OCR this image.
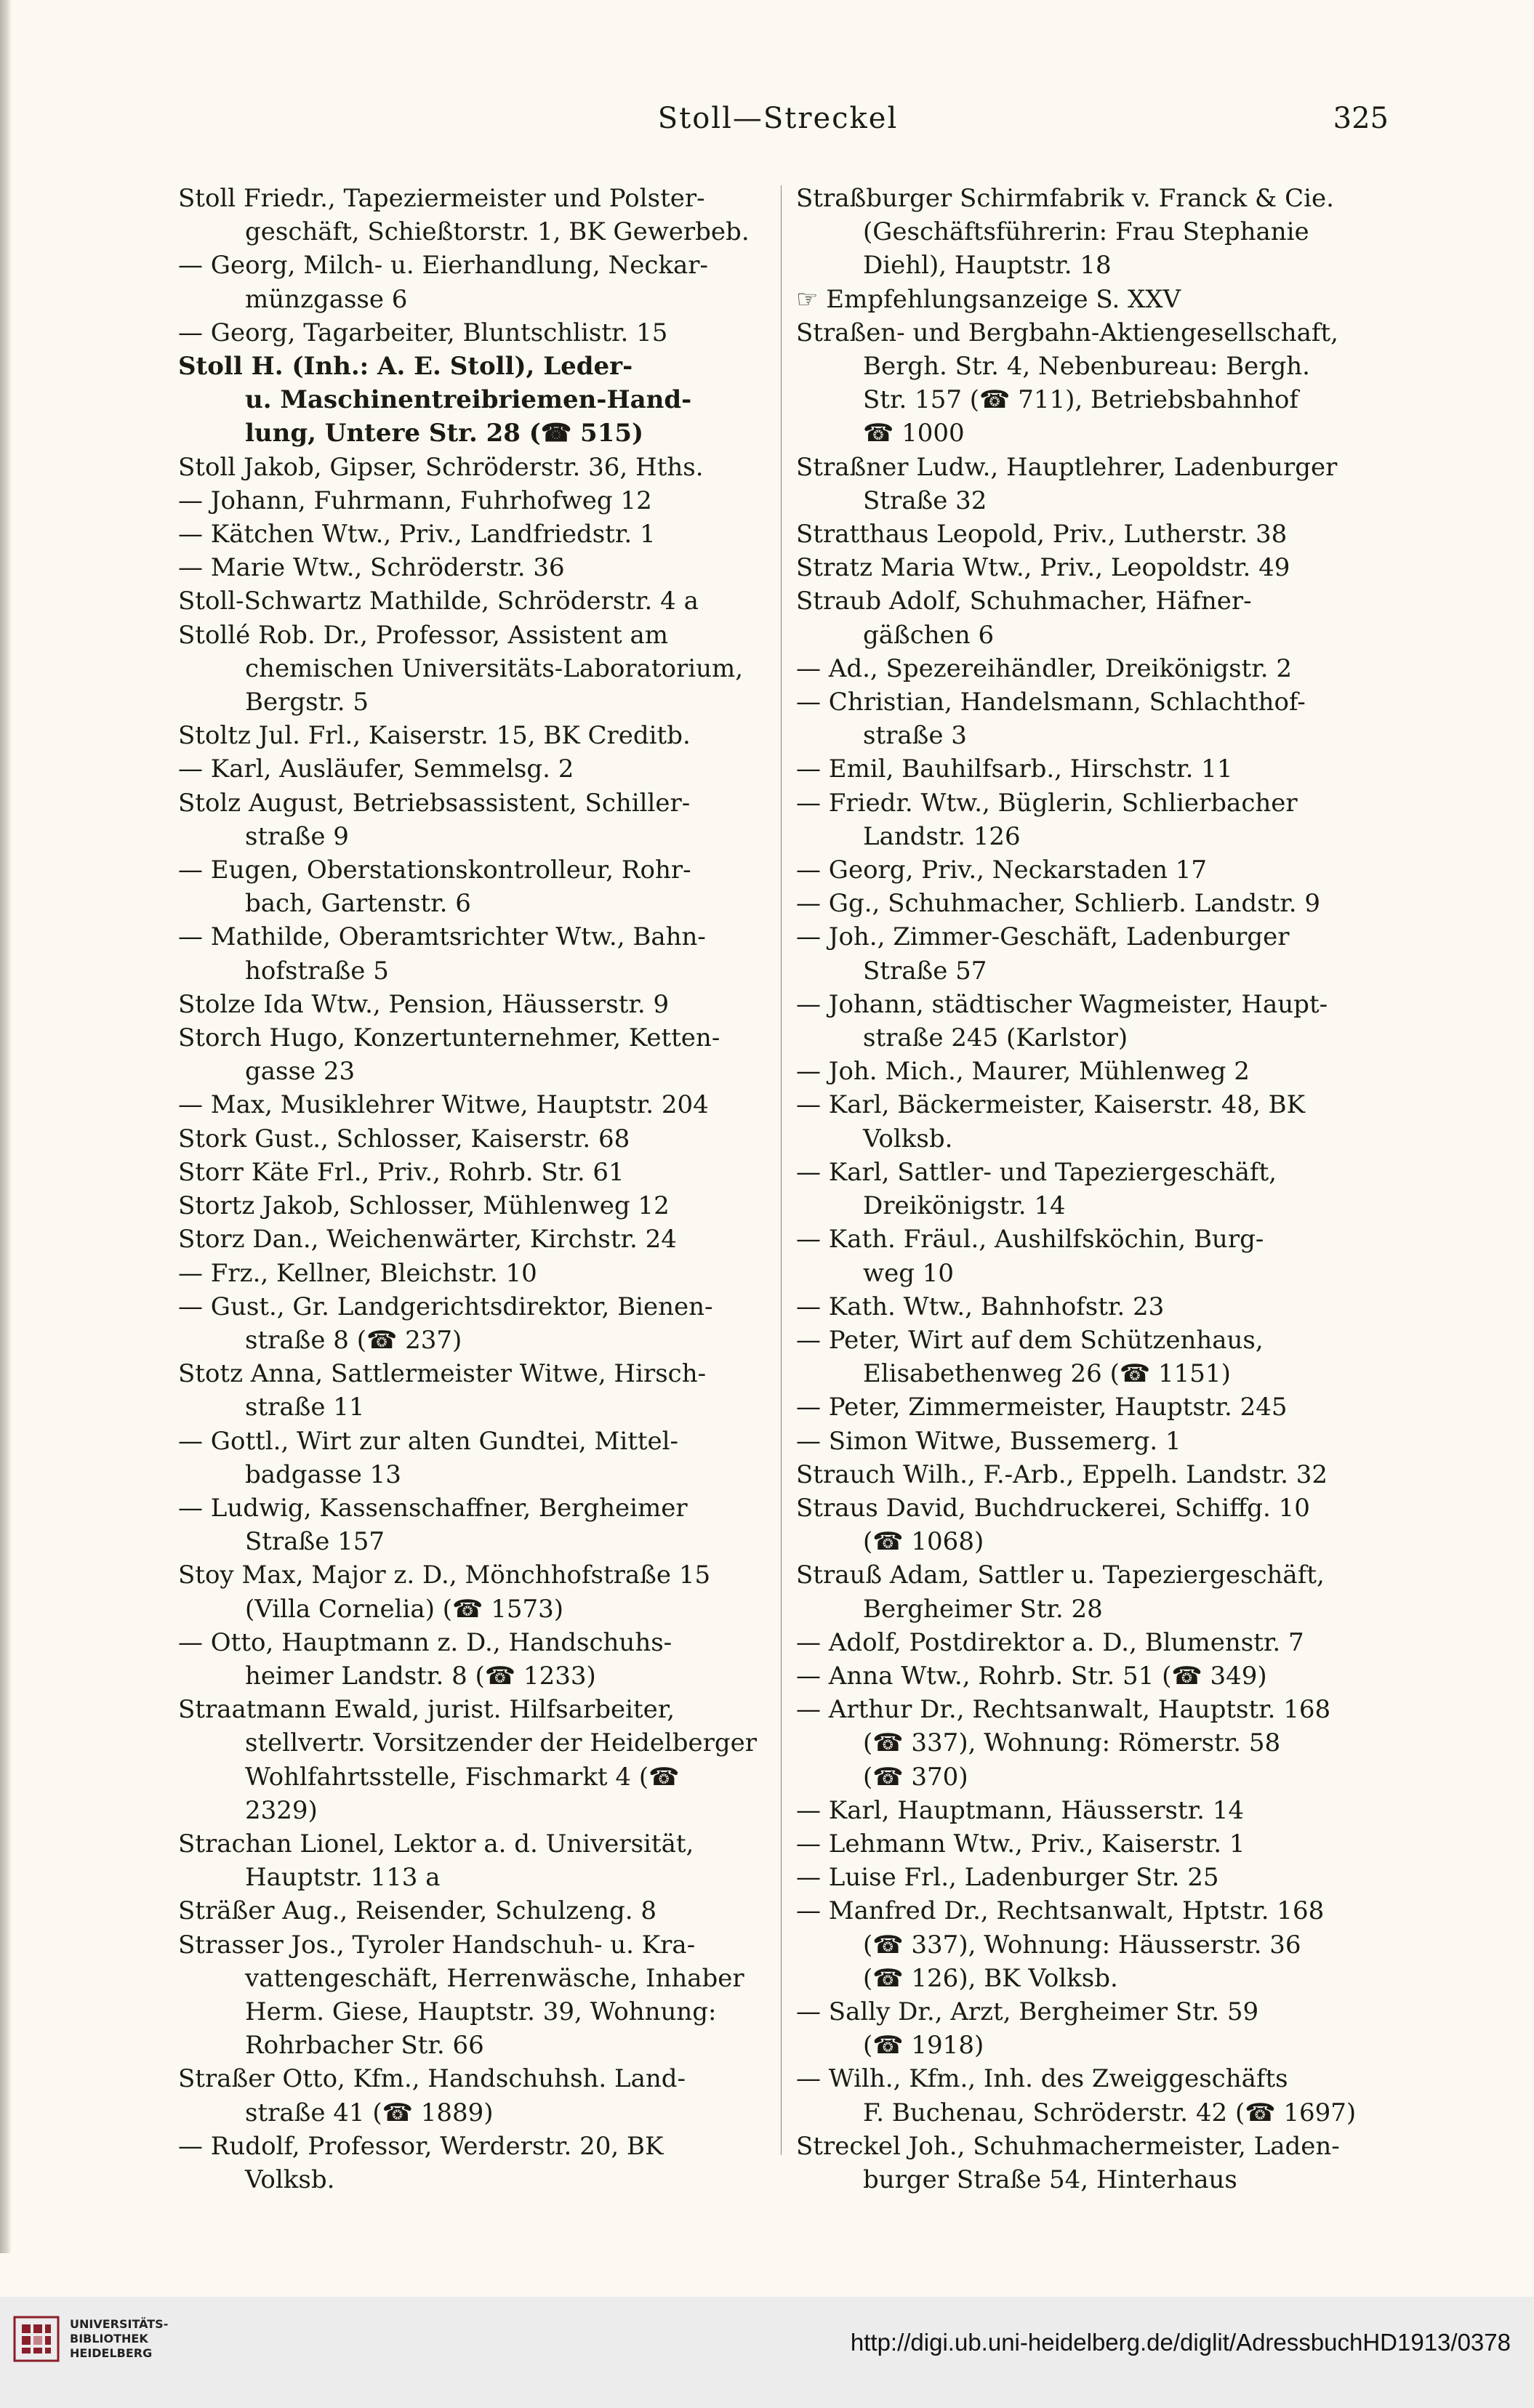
Stoll—Streckel	325
Stoll Friedr., Tapeziermeister und Polster-
geschäft, Schießtorstr. 1, BK Gewerbeb.
— Georg, Milch- u. Eierhandlung, Neckar-
münzgasse 6
— Georg, Tagarbeiter, Bluntschlistr. 15
Stoll H. (Inh.: A. E. Stoll), Leder-
u. Maschinentreibriemen-Hand-
lung, Untere Str. 28 (☎ 515)
Stoll Jakob, Gipser, Schröderstr. 36, Hths.
— Johann, Fuhrmann, Fuhrhofweg 12
— Kätchen Wtw., Priv., Landfriedstr. 1
— Marie Wtw., Schröderstr. 36
Stoll-Schwartz Mathilde, Schröderstr. 4 a
Stollé Rob. Dr., Professor, Assistent am
chemischen Universitäts-Laboratorium,
Bergstr. 5
Stoltz Jul. Frl., Kaiserstr. 15, BK Creditb.
— Karl, Ausläufer, Semmelsg. 2
Stolz August, Betriebsassistent, Schiller-
straße 9
— Eugen, Oberstationskontrolleur, Rohr-
bach, Gartenstr. 6
— Mathilde, Oberamtsrichter Wtw., Bahn-
hofstraße 5
Stolze Ida Wtw., Pension, Häusserstr. 9
Storch Hugo, Konzertunternehmer, Ketten-
gasse 23
— Max, Musiklehrer Witwe, Hauptstr. 204
Stork Gust., Schlosser, Kaiserstr. 68
Storr Käte Frl., Priv., Rohrb. Str. 61
Stortz Jakob, Schlosser, Mühlenweg 12
Storz Dan., Weichenwärter, Kirchstr. 24
— Frz., Kellner, Bleichstr. 10
— Gust., Gr. Landgerichtsdirektor, Bienen-
straße 8 (☎ 237)
Stotz Anna, Sattlermeister Witwe, Hirsch-
straße 11
— Gottl., Wirt zur alten Gundtei, Mittel-
badgasse 13
— Ludwig, Kassenschaffner, Bergheimer
Straße 157
Stoy Max, Major z. D., Mönchhofstraße 15
(Villa Cornelia) (☎ 1573)
— Otto, Hauptmann z. D., Handschuhs-
heimer Landstr. 8 (☎ 1233)
Straatmann Ewald, jurist. Hilfsarbeiter,
stellvertr. Vorsitzender der Heidelberger
Wohlfahrtsstelle, Fischmarkt 4 (☎
2329)
Strachan Lionel, Lektor a. d. Universität,
Hauptstr. 113 a
Sträßer Aug., Reisender, Schulzeng. 8
Strasser Jos., Tyroler Handschuh- u. Kra-
vattengeschäft, Herrenwäsche, Inhaber
Herm. Giese, Hauptstr. 39, Wohnung:
Rohrbacher Str. 66
Straßer Otto, Kfm., Handschuhsh. Land-
straße 41 (☎ 1889)
— Rudolf, Professor, Werderstr. 20, BK
Volksb.
Straßburger Schirmfabrik v. Franck & Cie.
(Geschäftsführerin: Frau Stephanie
Diehl), Hauptstr. 18
☞ Empfehlungsanzeige S. XXV
Straßen- und Bergbahn-Aktiengesellschaft,
Bergh. Str. 4, Nebenbureau: Bergh.
Str. 157 (☎ 711), Betriebsbahnhof
☎ 1000
Straßner Ludw., Hauptlehrer, Ladenburger
Straße 32
Stratthaus Leopold, Priv., Lutherstr. 38
Stratz Maria Wtw., Priv., Leopoldstr. 49
Straub Adolf, Schuhmacher, Häfner-
gäßchen 6
— Ad., Spezereihändler, Dreikönigstr. 2
— Christian, Handelsmann, Schlachthof-
straße 3
— Emil, Bauhilfsarb., Hirschstr. 11
— Friedr. Wtw., Büglerin, Schlierbacher
Landstr. 126
— Georg, Priv., Neckarstaden 17
— Gg., Schuhmacher, Schlierb. Landstr. 9
— Joh., Zimmer-Geschäft, Ladenburger
Straße 57
— Johann, städtischer Wagmeister, Haupt-
straße 245 (Karlstor)
— Joh. Mich., Maurer, Mühlenweg 2
— Karl, Bäckermeister, Kaiserstr. 48, BK
Volksb.
— Karl, Sattler- und Tapeziergeschäft,
Dreikönigstr. 14
— Kath. Fräul., Aushilfsköchin, Burg-
weg 10
— Kath. Wtw., Bahnhofstr. 23
— Peter, Wirt auf dem Schützenhaus,
Elisabethenweg 26 (☎ 1151)
— Peter, Zimmermeister, Hauptstr. 245
— Simon Witwe, Bussemerg. 1
Strauch Wilh., F.-Arb., Eppelh. Landstr. 32
Straus David, Buchdruckerei, Schiffg. 10
(☎ 1068)
Strauß Adam, Sattler u. Tapeziergeschäft,
Bergheimer Str. 28
— Adolf, Postdirektor a. D., Blumenstr. 7
— Anna Wtw., Rohrb. Str. 51 (☎ 349)
— Arthur Dr., Rechtsanwalt, Hauptstr. 168
(☎ 337), Wohnung: Römerstr. 58
(☎ 370)
— Karl, Hauptmann, Häusserstr. 14
— Lehmann Wtw., Priv., Kaiserstr. 1
— Luise Frl., Ladenburger Str. 25
— Manfred Dr., Rechtsanwalt, Hptstr. 168
(☎ 337), Wohnung: Häusserstr. 36
(☎ 126), BK Volksb.
— Sally Dr., Arzt, Bergheimer Str. 59
(☎ 1918)
— Wilh., Kfm., Inh. des Zweiggeschäfts
F. Buchenau, Schröderstr. 42 (☎ 1697)
Streckel Joh., Schuhmachermeister, Laden-
burger Straße 54, Hinterhaus
UNIVERSITÄTS-
BIBLIOTHEK
HEIDELBERG	http://digi.ub.uni-heidelberg.de/diglit/AdressbuchHD1913/0378
